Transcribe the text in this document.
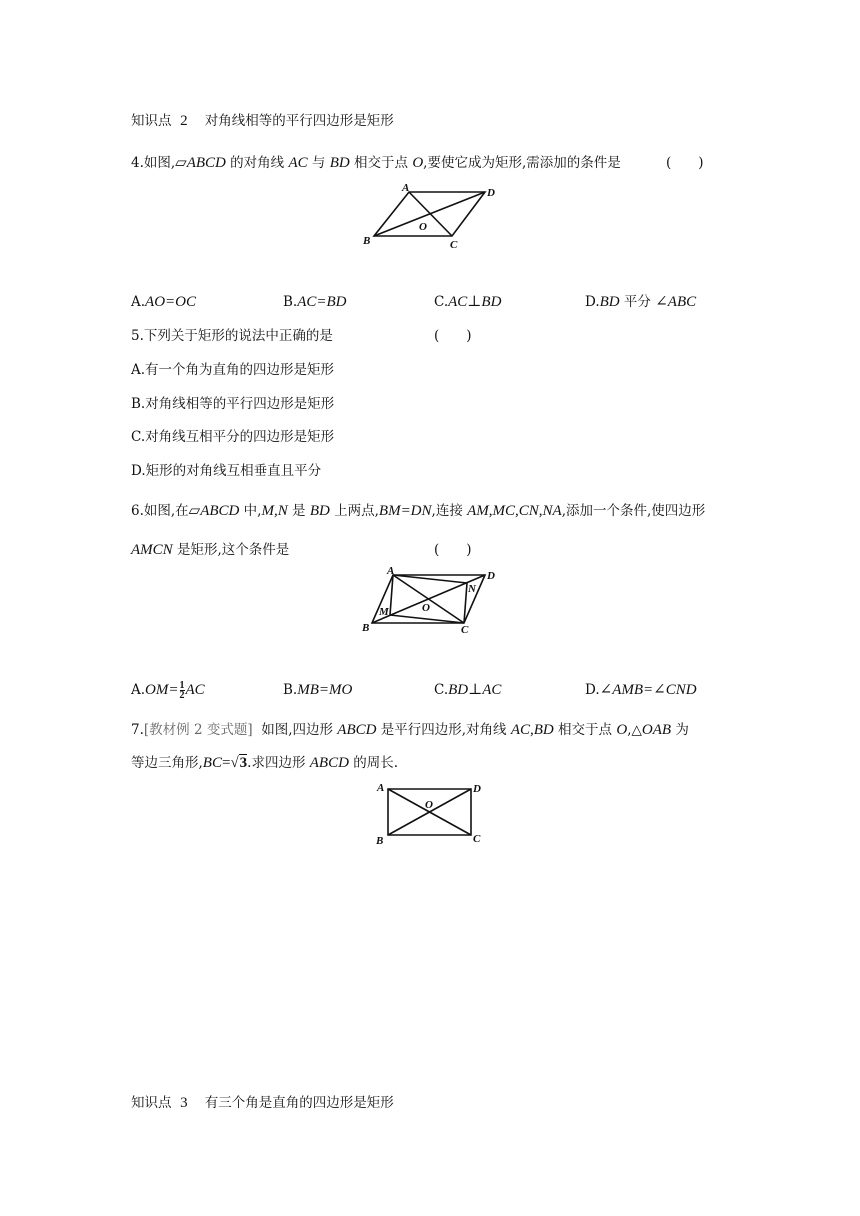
知识点 2 对角线相等的平行四边形是矩形
4.如图,▱ABCD 的对角线 AC 与 BD 相交于点 O,要使它成为矩形,需添加的条件是	(　　)
A	D
B	C
O
A.AO=OC	B.AC=BD	C.AC⊥BD	D.BD 平分 ∠ABC
5.下列关于矩形的说法中正确的是	(　　)
A.有一个角为直角的四边形是矩形
B.对角线相等的平行四边形是矩形
C.对角线互相平分的四边形是矩形
D.矩形的对角线互相垂直且平分
6.如图,在▱ABCD 中,M,N 是 BD 上两点,BM=DN,连接 AM,MC,CN,NA,添加一个条件,使四边形
AMCN 是矩形,这个条件是	(　　)
A	D
B	C
O
M
N
$A.OM= \frac{1}{2}$ AC	B.MB=MO	C.BD⊥AC	D.∠AMB=∠CND
7.[教材例 2 变式题]  如图,四边形 ABCD 是平行四边形,对角线 AC,BD 相交于点 O,△OAB 为
等边三角形,BC=√3.求四边形 ABCD 的周长.
A	D
B	C
O
知识点 3 有三个角是直角的四边形是矩形
